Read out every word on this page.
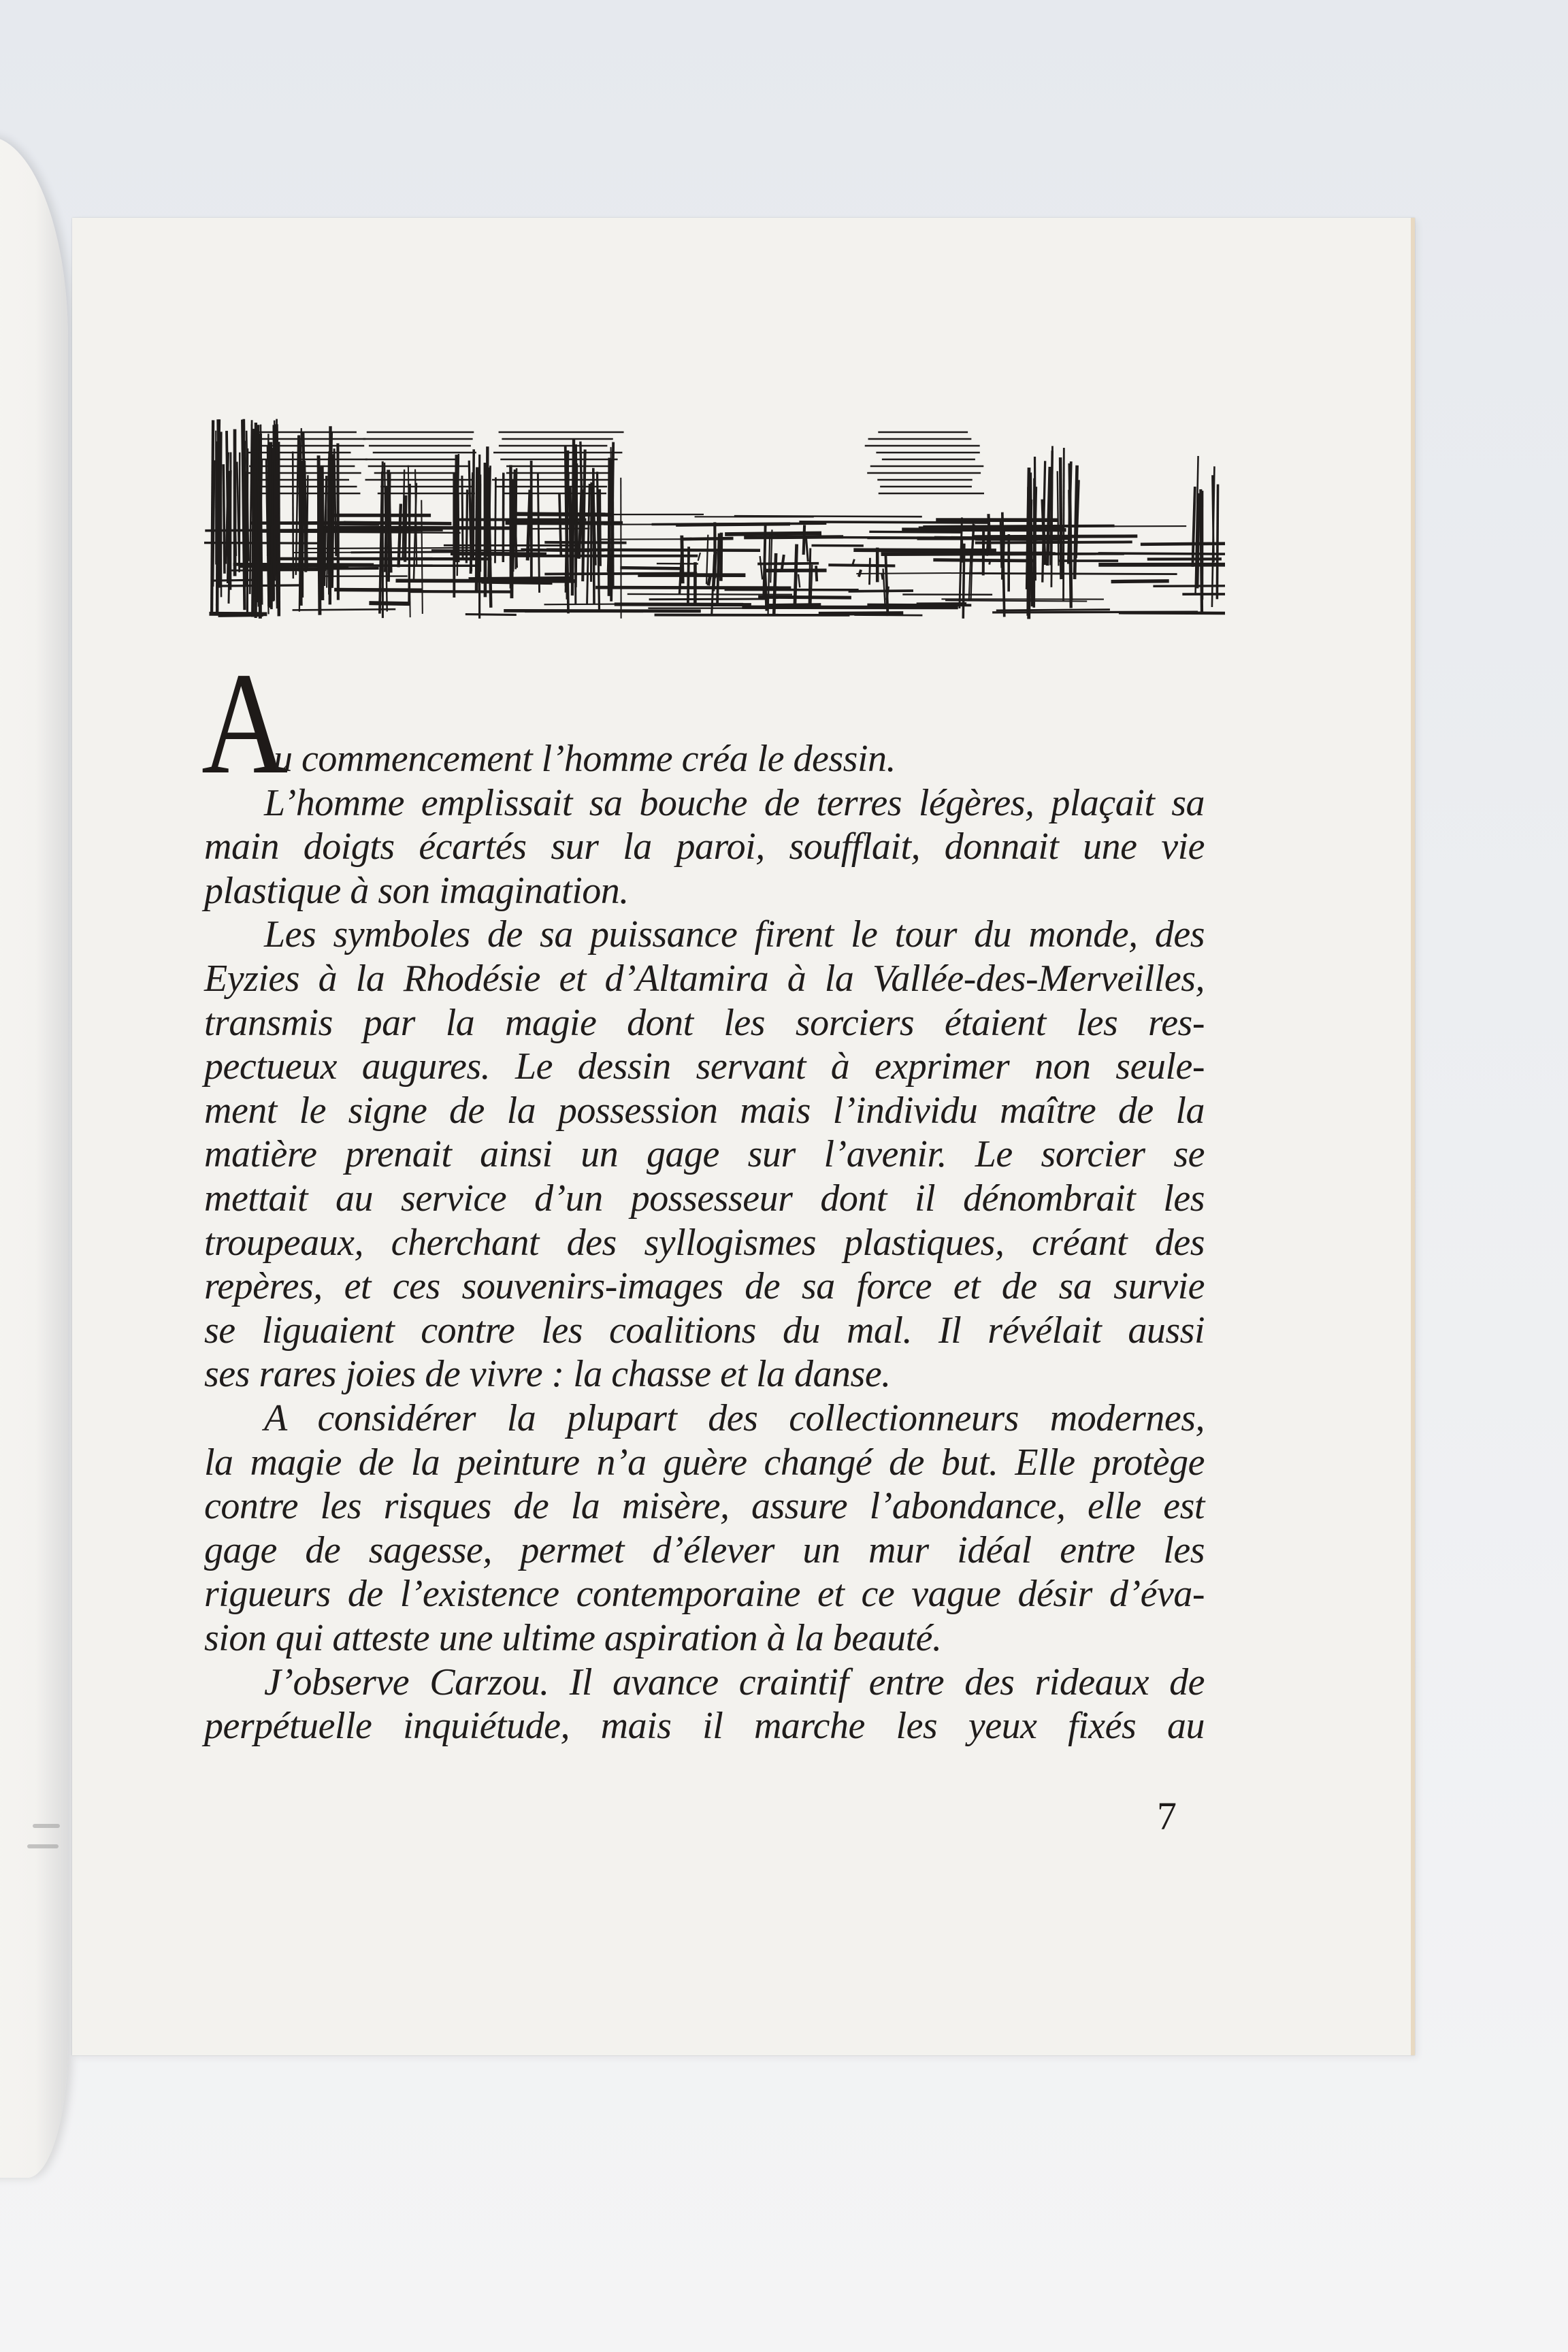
A
u commencement l’homme créa le dessin.
L’homme emplissait sa bouche de terres légères, plaçait sa
main doigts écartés sur la paroi, soufflait, donnait une vie
plastique à son imagination.
Les symboles de sa puissance firent le tour du monde, des
Eyzies à la Rhodésie et d’Altamira à la Vallée-des-Merveilles,
transmis par la magie dont les sorciers étaient les res-
pectueux augures. Le dessin servant à exprimer non seule-
ment le signe de la possession mais l’individu maître de la
matière prenait ainsi un gage sur l’avenir. Le sorcier se
mettait au service d’un possesseur dont il dénombrait les
troupeaux, cherchant des syllogismes plastiques, créant des
repères, et ces souvenirs-images de sa force et de sa survie
se liguaient contre les coalitions du mal. Il révélait aussi
ses rares joies de vivre : la chasse et la danse.
A considérer la plupart des collectionneurs modernes,
la magie de la peinture n’a guère changé de but. Elle protège
contre les risques de la misère, assure l’abondance, elle est
gage de sagesse, permet d’élever un mur idéal entre les
rigueurs de l’existence contemporaine et ce vague désir d’éva-
sion qui atteste une ultime aspiration à la beauté.
J’observe Carzou. Il avance craintif entre des rideaux de
perpétuelle inquiétude, mais il marche les yeux fixés au
7
